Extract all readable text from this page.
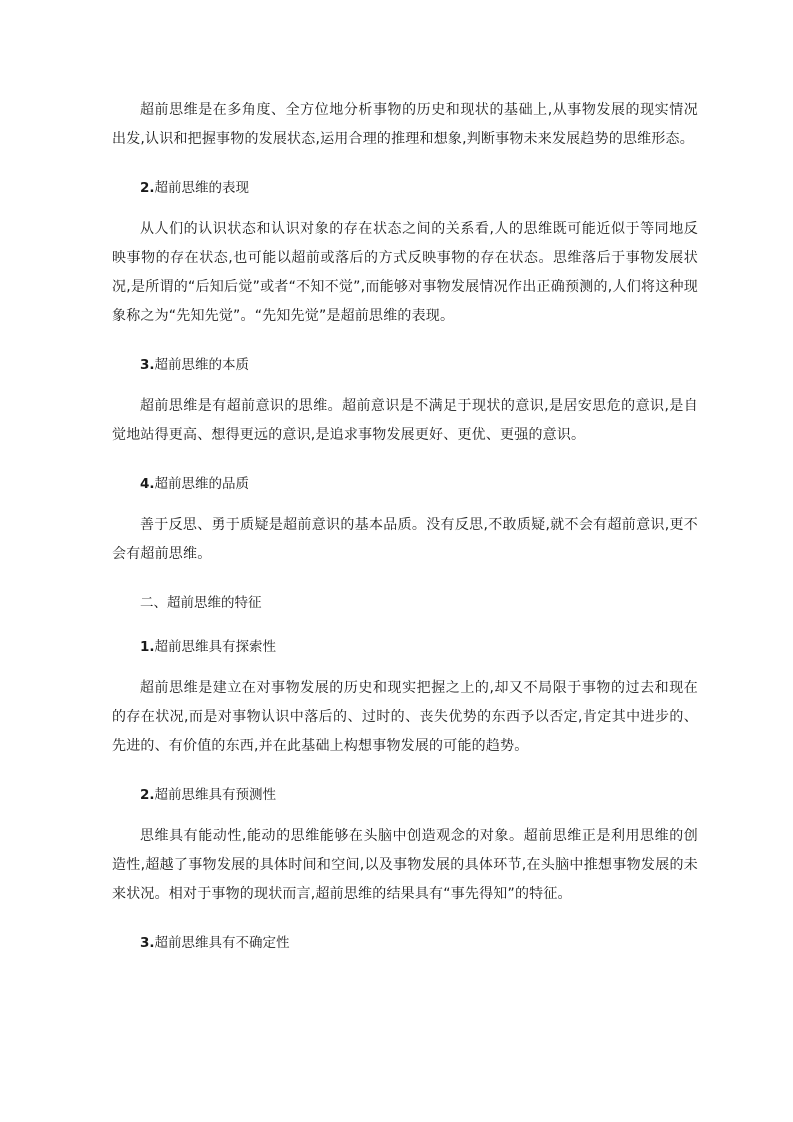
超前思维是在多角度、全方位地分析事物的历史和现状的基础上,从事物发展的现实情况出发,认识和把握事物的发展状态,运用合理的推理和想象,判断事物未来发展趋势的思维形态。

2.超前思维的表现

从人们的认识状态和认识对象的存在状态之间的关系看,人的思维既可能近似于等同地反映事物的存在状态,也可能以超前或落后的方式反映事物的存在状态。思维落后于事物发展状况,是所谓的“后知后觉”或者“不知不觉”,而能够对事物发展情况作出正确预测的,人们将这种现象称之为“先知先觉”。“先知先觉”是超前思维的表现。

3.超前思维的本质

超前思维是有超前意识的思维。超前意识是不满足于现状的意识,是居安思危的意识,是自觉地站得更高、想得更远的意识,是追求事物发展更好、更优、更强的意识。

4.超前思维的品质

善于反思、勇于质疑是超前意识的基本品质。没有反思,不敢质疑,就不会有超前意识,更不会有超前思维。

二、超前思维的特征
1.超前思维具有探索性

超前思维是建立在对事物发展的历史和现实把握之上的,却又不局限于事物的过去和现在的存在状况,而是对事物认识中落后的、过时的、丧失优势的东西予以否定,肯定其中进步的、先进的、有价值的东西,并在此基础上构想事物发展的可能的趋势。

2.超前思维具有预测性

思维具有能动性,能动的思维能够在头脑中创造观念的对象。超前思维正是利用思维的创造性,超越了事物发展的具体时间和空间,以及事物发展的具体环节,在头脑中推想事物发展的未来状况。相对于事物的现状而言,超前思维的结果具有“事先得知”的特征。

3.超前思维具有不确定性
